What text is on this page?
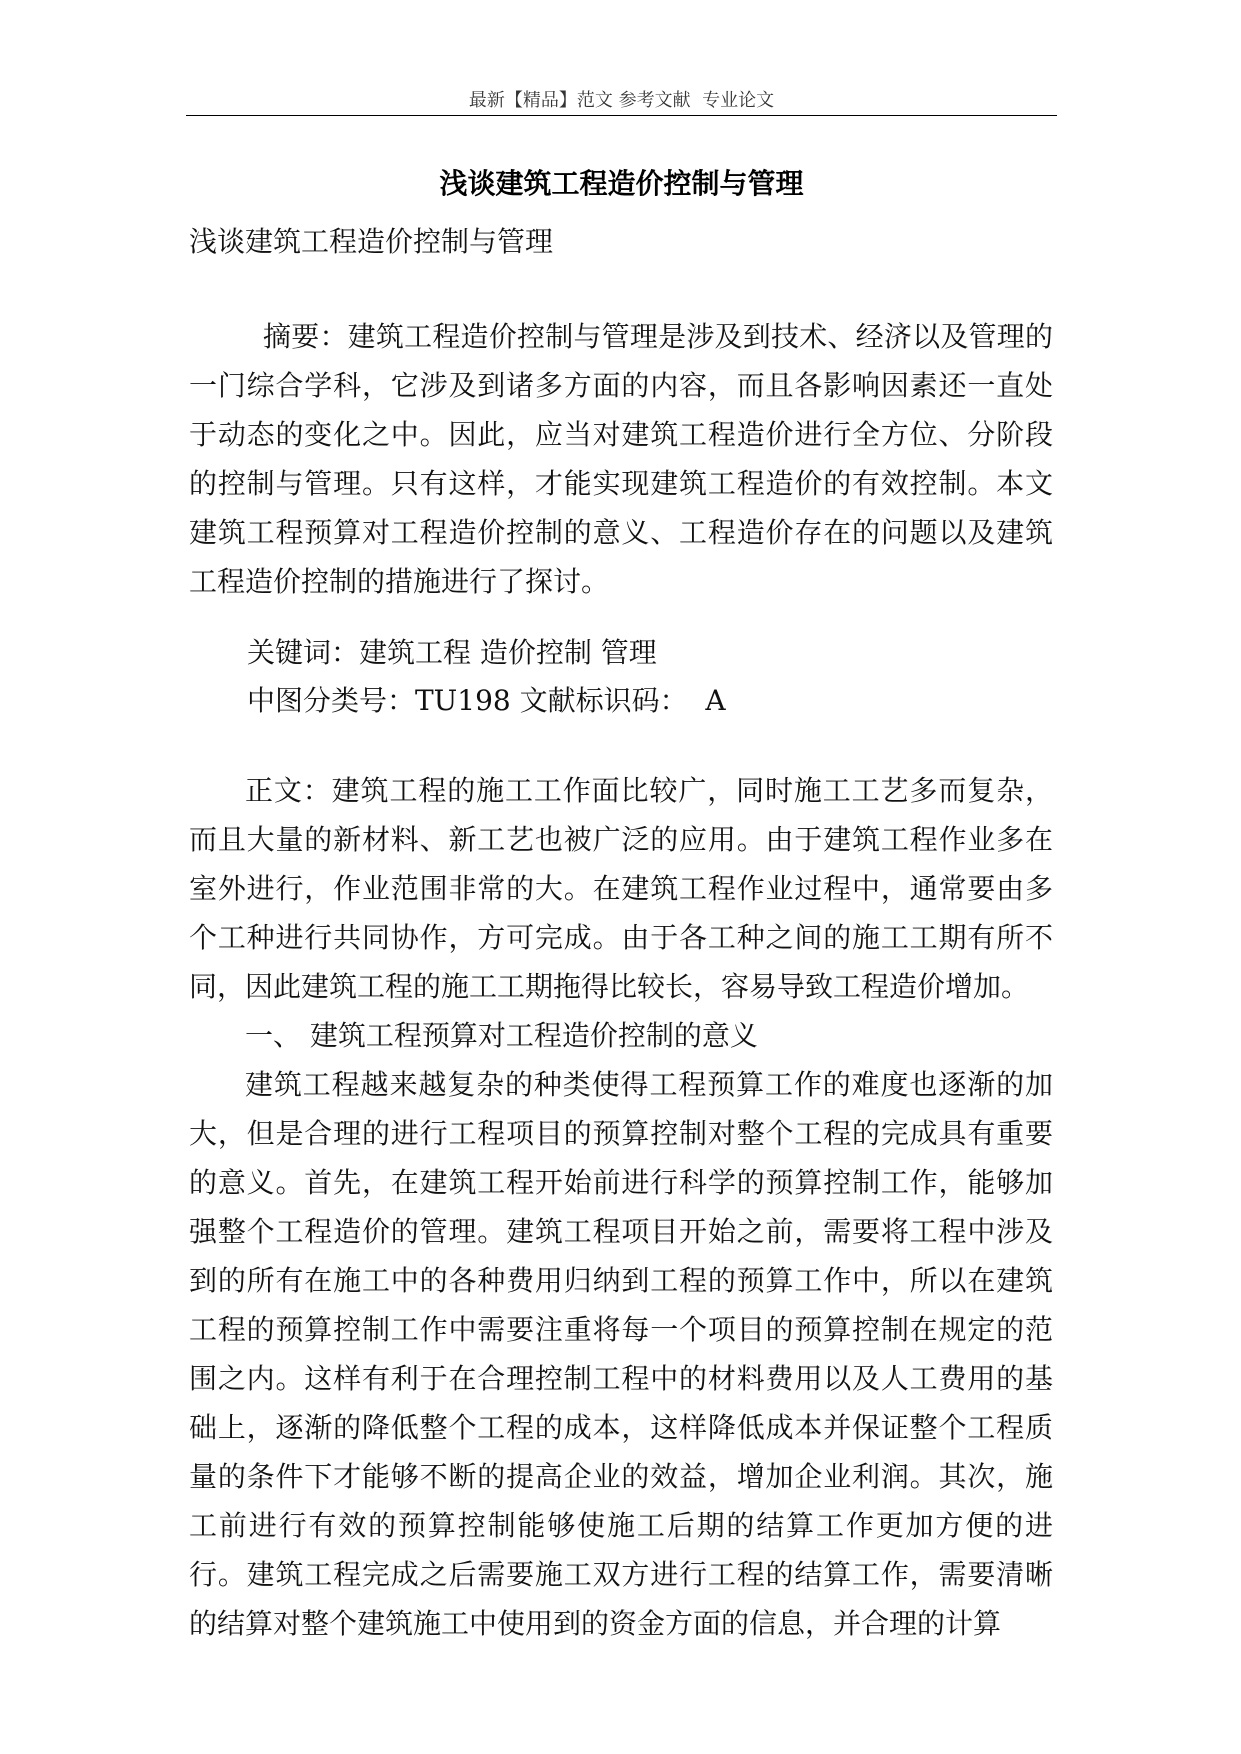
最新【精品】范文 参考文献  专业论文
浅谈建筑工程造价控制与管理
浅谈建筑工程造价控制与管理

摘要：建筑工程造价控制与管理是涉及到技术、经济以及管理的一门综合学科，它涉及到诸多方面的内容，而且各影响因素还一直处于动态的变化之中。因此，应当对建筑工程造价进行全方位、分阶段的控制与管理。只有这样，才能实现建筑工程造价的有效控制。本文建筑工程预算对工程造价控制的意义、工程造价存在的问题以及建筑工程造价控制的措施进行了探讨。

关键词：建筑工程 造价控制 管理
中图分类号：TU198 文献标识码：  A

正文：建筑工程的施工工作面比较广，同时施工工艺多而复杂，而且大量的新材料、新工艺也被广泛的应用。由于建筑工程作业多在室外进行，作业范围非常的大。在建筑工程作业过程中，通常要由多个工种进行共同协作，方可完成。由于各工种之间的施工工期有所不同，因此建筑工程的施工工期拖得比较长，容易导致工程造价增加。

一、 建筑工程预算对工程造价控制的意义

建筑工程越来越复杂的种类使得工程预算工作的难度也逐渐的加大，但是合理的进行工程项目的预算控制对整个工程的完成具有重要的意义。首先，在建筑工程开始前进行科学的预算控制工作，能够加强整个工程造价的管理。建筑工程项目开始之前，需要将工程中涉及到的所有在施工中的各种费用归纳到工程的预算工作中，所以在建筑工程的预算控制工作中需要注重将每一个项目的预算控制在规定的范围之内。这样有利于在合理控制工程中的材料费用以及人工费用的基础上，逐渐的降低整个工程的成本，这样降低成本并保证整个工程质量的条件下才能够不断的提高企业的效益，增加企业利润。其次，施工前进行有效的预算控制能够使施工后期的结算工作更加方便的进行。建筑工程完成之后需要施工双方进行工程的结算工作，需要清晰的结算对整个建筑施工中使用到的资金方面的信息，并合理的计算
